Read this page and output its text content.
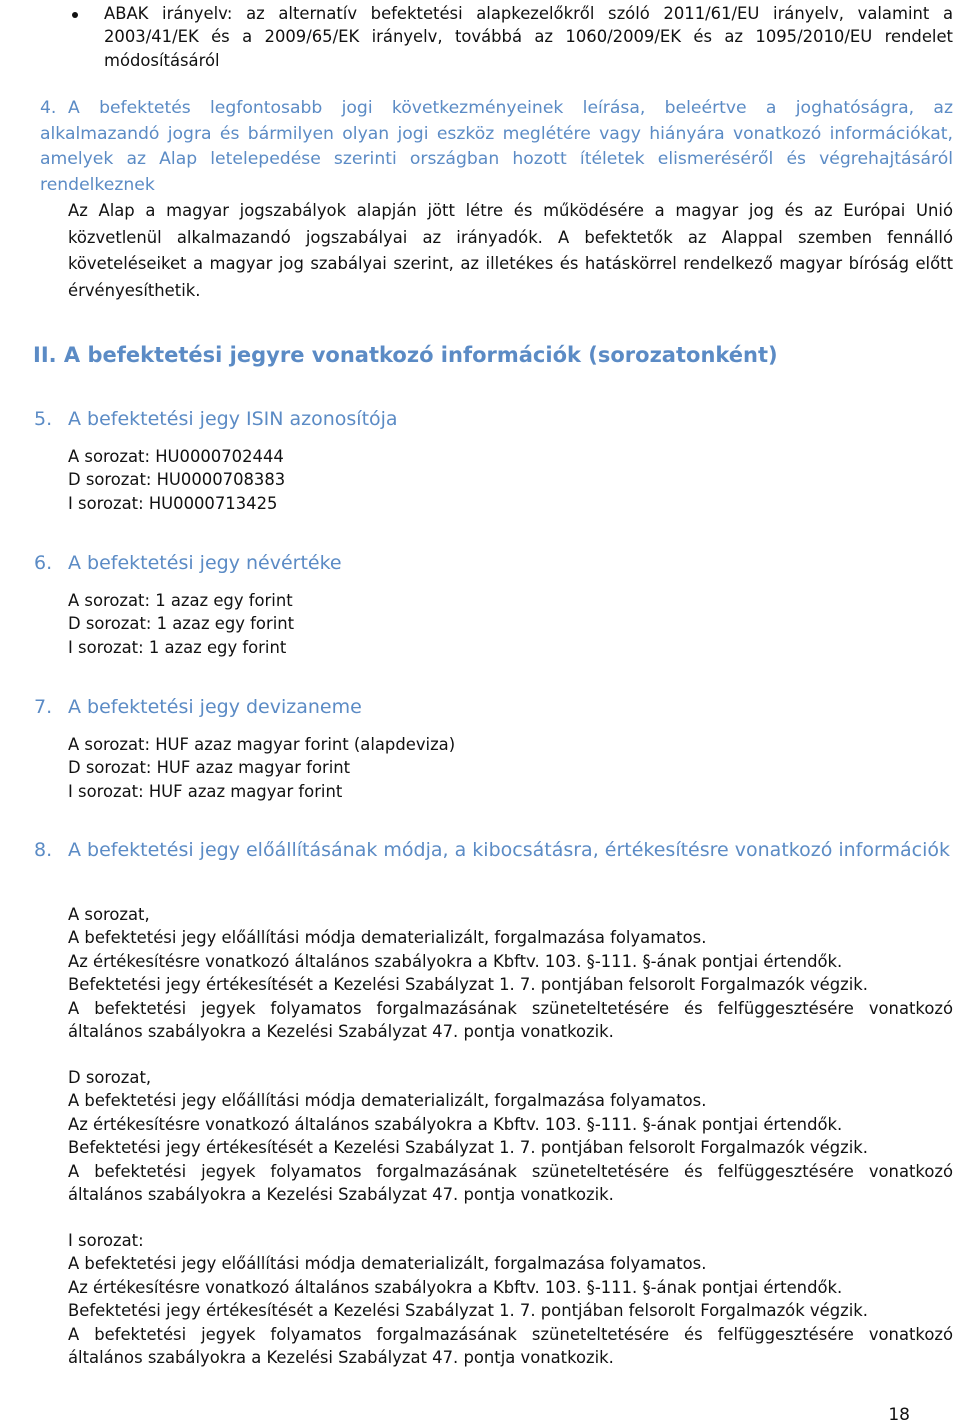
ABAK irányelv: az alternatív befektetési alapkezelőkről szóló 2011/61/EU irányelv, valamint a 2003/41/EK és a 2009/65/EK irányelv, továbbá az 1060/2009/EK és az 1095/2010/EU rendelet módosításáról
4. A befektetés legfontosabb jogi következményeinek leírása, beleértve a joghatóságra, az alkalmazandó jogra és bármilyen olyan jogi eszköz meglétére vagy hiányára vonatkozó információkat, amelyek az Alap letelepedése szerinti országban hozott ítéletek elismeréséről és végrehajtásáról rendelkeznek
Az Alap a magyar jogszabályok alapján jött létre és működésére a magyar jog és az Európai Unió közvetlenül alkalmazandó jogszabályai az irányadók. A befektetők az Alappal szemben fennálló követeléseiket a magyar jog szabályai szerint, az illetékes és hatáskörrel rendelkező magyar bíróság előtt érvényesíthetik.
II. A befektetési jegyre vonatkozó információk (sorozatonként)
5. A befektetési jegy ISIN azonosítója
A sorozat: HU0000702444
D sorozat: HU0000708383
I sorozat: HU0000713425
6. A befektetési jegy névértéke
A sorozat: 1 azaz egy forint
D sorozat: 1 azaz egy forint
I sorozat: 1 azaz egy forint
7. A befektetési jegy devizaneme
A sorozat: HUF azaz magyar forint (alapdeviza)
D sorozat: HUF azaz magyar forint
I sorozat: HUF azaz magyar forint
8. A befektetési jegy előállításának módja, a kibocsátásra, értékesítésre vonatkozó információk
A sorozat,
A befektetési jegy előállítási módja dematerializált, forgalmazása folyamatos.
Az értékesítésre vonatkozó általános szabályokra a Kbftv. 103. §-111. §-ának pontjai értendők.
Befektetési jegy értékesítését a Kezelési Szabályzat 1. 7. pontjában felsorolt Forgalmazók végzik.
A befektetési jegyek folyamatos forgalmazásának szüneteltetésére és felfüggesztésére vonatkozó általános szabályokra a Kezelési Szabályzat 47. pontja vonatkozik.
D sorozat,
A befektetési jegy előállítási módja dematerializált, forgalmazása folyamatos.
Az értékesítésre vonatkozó általános szabályokra a Kbftv. 103. §-111. §-ának pontjai értendők.
Befektetési jegy értékesítését a Kezelési Szabályzat 1. 7. pontjában felsorolt Forgalmazók végzik.
A befektetési jegyek folyamatos forgalmazásának szüneteltetésére és felfüggesztésére vonatkozó általános szabályokra a Kezelési Szabályzat 47. pontja vonatkozik.
I sorozat:
A befektetési jegy előállítási módja dematerializált, forgalmazása folyamatos.
Az értékesítésre vonatkozó általános szabályokra a Kbftv. 103. §-111. §-ának pontjai értendők.
Befektetési jegy értékesítését a Kezelési Szabályzat 1. 7. pontjában felsorolt Forgalmazók végzik.
A befektetési jegyek folyamatos forgalmazásának szüneteltetésére és felfüggesztésére vonatkozó általános szabályokra a Kezelési Szabályzat 47. pontja vonatkozik.
18
